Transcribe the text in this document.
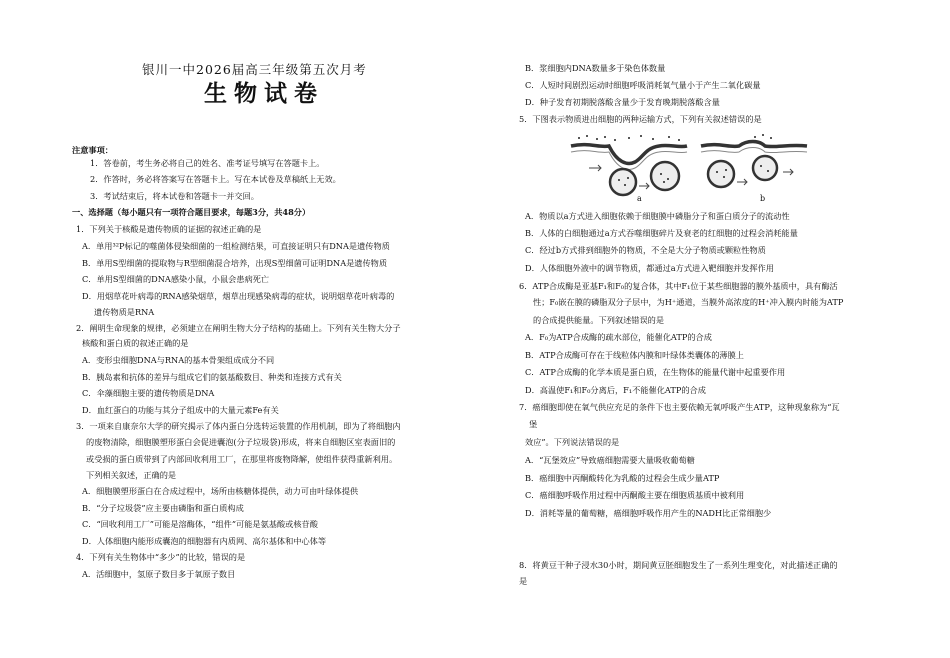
银川一中2026届高三年级第五次月考
生物试卷
注意事项：
1．答卷前，考生务必将自己的姓名、准考证号填写在答题卡上。
2．作答时，务必将答案写在答题卡上。写在本试卷及草稿纸上无效。
3．考试结束后，将本试卷和答题卡一并交回。
一、选择题（每小题只有一项符合题目要求，每题3分，共48分）
1．下列关于核酸是遗传物质的证据的叙述正确的是
A．单用³²P标记的噬菌体侵染细菌的一组检测结果，可直接证明只有DNA是遗传物质
B．单用S型细菌的提取物与R型细菌混合培养，出现S型细菌可证明DNA是遗传物质
C．单用S型细菌的DNA感染小鼠，小鼠会患病死亡
D．用烟草花叶病毒的RNA感染烟草，烟草出现感染病毒的症状，说明烟草花叶病毒的
遗传物质是RNA
2．阐明生命现象的规律，必须建立在阐明生物大分子结构的基础上。下列有关生物大分子
核酸和蛋白质的叙述正确的是
A．变形虫细胞DNA与RNA的基本骨架组成成分不同
B．胰岛素和抗体的差异与组成它们的氨基酸数目、种类和连接方式有关
C．伞藻细胞主要的遗传物质是DNA
D．血红蛋白的功能与其分子组成中的大量元素Fe有关
3．一项来自康奈尔大学的研究揭示了体内蛋白分选转运装置的作用机制，即为了将细胞内
的废物清除，细胞膜塑形蛋白会促进囊泡(分子垃圾袋)形成，将来自细胞区室表面旧的
或受损的蛋白质带到了内部回收利用工厂，在那里将废物降解，使组件获得重新利用。
下列相关叙述，正确的是
A．细胞膜塑形蛋白在合成过程中，场所由核糖体提供，动力可由叶绿体提供
B．“分子垃圾袋”应主要由磷脂和蛋白质构成
C．“回收利用工厂”可能是溶酶体，“组件”可能是氨基酸或核苷酸
D．人体细胞内能形成囊泡的细胞器有内质网、高尔基体和中心体等
4．下列有关生物体中“多少”的比较，错误的是
A．活细胞中，氢原子数目多于氧原子数目
B．浆细胞内DNA数量多于染色体数量
C．人短时间剧烈运动时细胞呼吸消耗氧气量小于产生二氧化碳量
D．种子发育初期脱落酸含量少于发育晚期脱落酸含量
5．下图表示物质进出细胞的两种运输方式，下列有关叙述错误的是
a	b
A．物质以a方式进入细胞依赖于细胞膜中磷脂分子和蛋白质分子的流动性
B．人体的白细胞通过a方式吞噬细胞碎片及衰老的红细胞的过程会消耗能量
C．经过b方式排到细胞外的物质，不全是大分子物质或颗粒性物质
D．人体细胞外液中的调节物质，都通过a方式进入靶细胞并发挥作用
6．ATP合成酶是亚基F₁和F₀的复合体，其中F₁位于某些细胞器的膜外基质中，具有酶活
性；F₀嵌在膜的磷脂双分子层中，为H⁺通道，当膜外高浓度的H⁺冲入膜内时能为ATP
的合成提供能量。下列叙述错误的是
A．F₀为ATP合成酶的疏水部位，能催化ATP的合成
B．ATP合成酶可存在于线粒体内膜和叶绿体类囊体的薄膜上
C．ATP合成酶的化学本质是蛋白质，在生物体的能量代谢中起重要作用
D．高温使F₁和F₀分离后，F₁不能催化ATP的合成
7．癌细胞即使在氧气供应充足的条件下也主要依赖无氧呼吸产生ATP，这种现象称为“瓦
堡
效应”。下列说法错误的是
A．“瓦堡效应”导致癌细胞需要大量吸收葡萄糖
B．癌细胞中丙酮酸转化为乳酸的过程会生成少量ATP
C．癌细胞呼吸作用过程中丙酮酸主要在细胞质基质中被利用
D．消耗等量的葡萄糖，癌细胞呼吸作用产生的NADH比正常细胞少
8．将黄豆干种子浸水30小时，期间黄豆胚细胞发生了一系列生理变化，对此描述正确的
是
